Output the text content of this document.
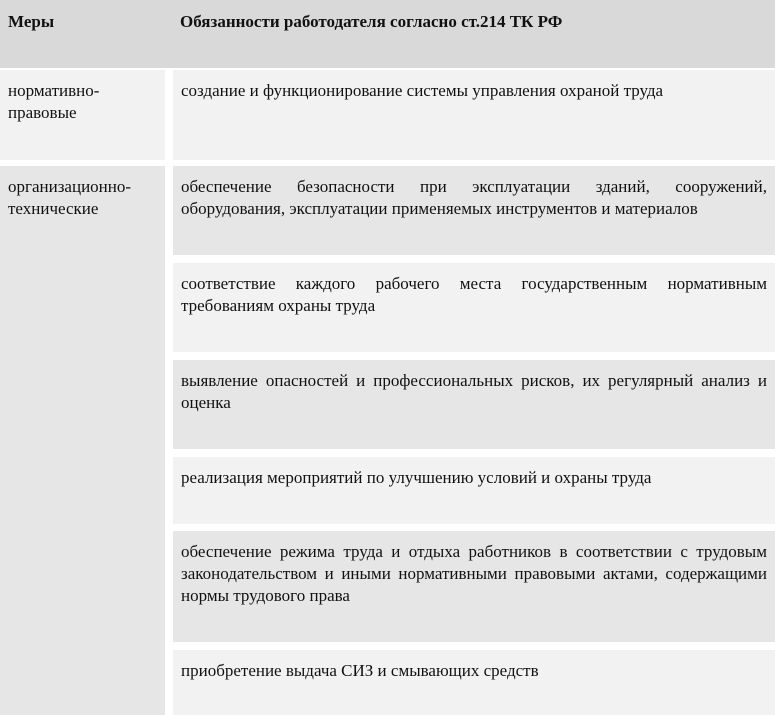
Меры	Обязанности работодателя согласно ст.214 ТК РФ
нормативно-правовые
создание и функционирование системы управления охраной труда
организационно-технические
обеспечение безопасности при эксплуатации зданий, сооружений, оборудования, эксплуатации применяемых инструментов и материалов
соответствие каждого рабочего места государственным нормативным требованиям охраны труда
выявление опасностей и профессиональных рисков, их регулярный анализ и оценка
реализация мероприятий по улучшению условий и охраны труда
обеспечение режима труда и отдыха работников в соответствии с трудовым законодательством и иными нормативными правовыми актами, содержащими нормы трудового права
приобретение выдача СИЗ и смывающих средств
